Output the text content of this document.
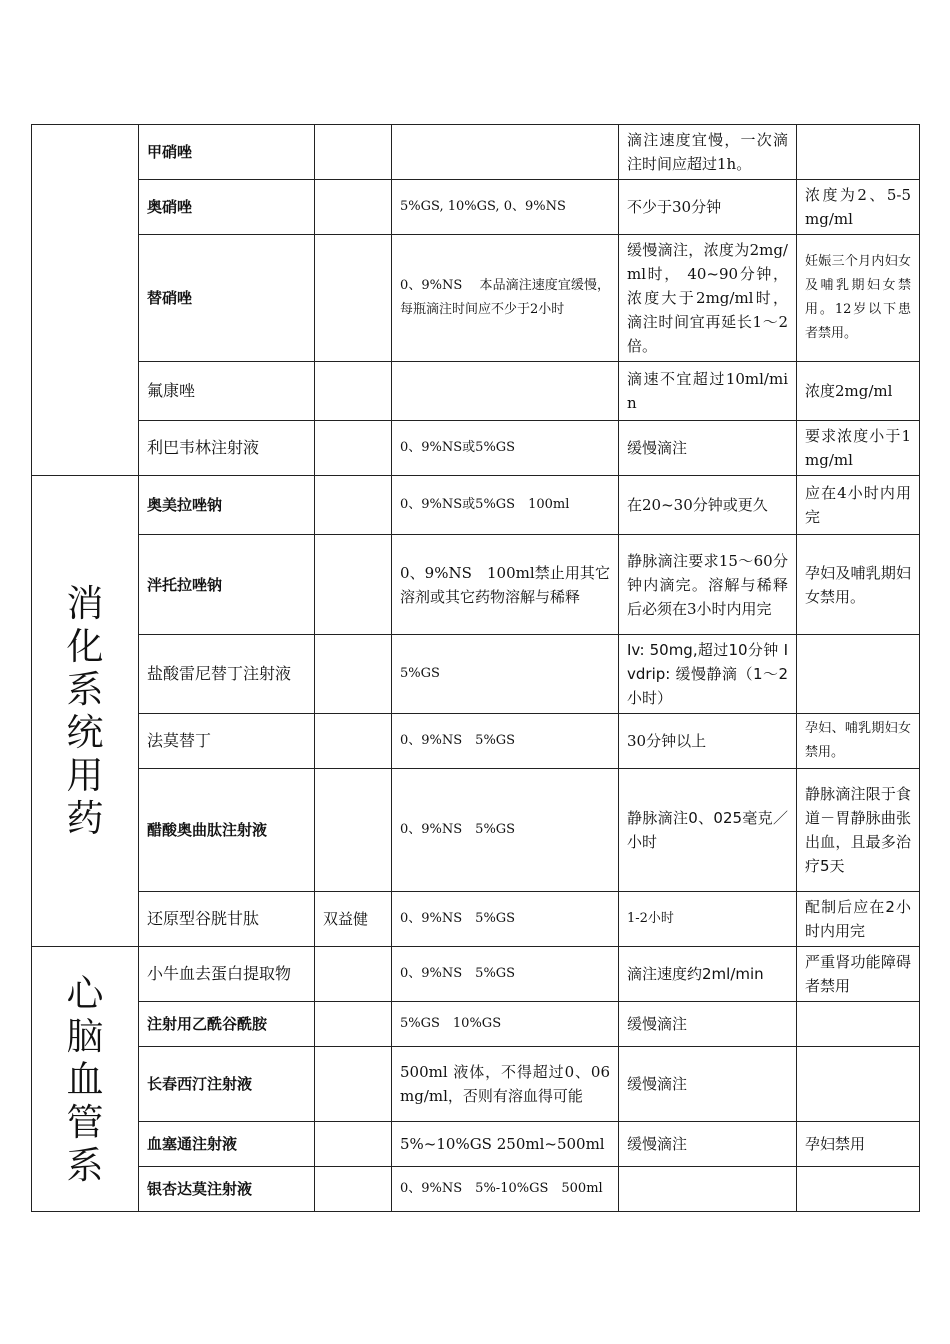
	甲硝唑			滴注速度宜慢，一次滴注时间应超过1h。	
	奥硝唑		5%GS, 10%GS, 0、9%NS	不少于30分钟	浓度为2、5-5mg/ml
	替硝唑		0、9%NS　 本品滴注速度宜缓慢，每瓶滴注时间应不少于2小时	缓慢滴注，浓度为2mg/ml时， 40~90分钟，浓度大于2mg/ml时，滴注时间宜再延长1～2倍。	妊娠三个月内妇女及哺乳期妇女禁用。12岁以下患者禁用。
	氟康唑			滴速不宜超过10ml/min	浓度2mg/ml
	利巴韦林注射液		0、9%NS或5%GS	缓慢滴注	要求浓度小于1mg/ml

消化系统用药	奥美拉唑钠		0、9%NS或5%GS　100ml	在20~30分钟或更久	应在4小时内用完
	泮托拉唑钠		0、9%NS　100ml禁止用其它溶剂或其它药物溶解与稀释	静脉滴注要求15～60分钟内滴完。溶解与稀释后必须在3小时内用完	孕妇及哺乳期妇女禁用。
	盐酸雷尼替丁注射液		5%GS	Iv: 50mg,超过10分钟 Ivdrip: 缓慢静滴（1～2小时）	
	法莫替丁		0、9%NS　5%GS	30分钟以上	孕妇、哺乳期妇女禁用。
	醋酸奥曲肽注射液		0、9%NS　5%GS	静脉滴注0、025毫克／小时	静脉滴注限于食道－胃静脉曲张出血，且最多治疗5天
	还原型谷胱甘肽	双益健	0、9%NS　5%GS	1-2小时	配制后应在2小时内用完

心脑血管系	小牛血去蛋白提取物		0、9%NS　5%GS	滴注速度约2ml/min	严重肾功能障碍者禁用
	注射用乙酰谷酰胺		5%GS　10%GS	缓慢滴注	
	长春西汀注射液		500ml 液体，不得超过0、06mg/ml，否则有溶血得可能	缓慢滴注	
	血塞通注射液		5%~10%GS 250ml~500ml	缓慢滴注	孕妇禁用
	银杏达莫注射液		0、9%NS　5%-10%GS　500ml		
